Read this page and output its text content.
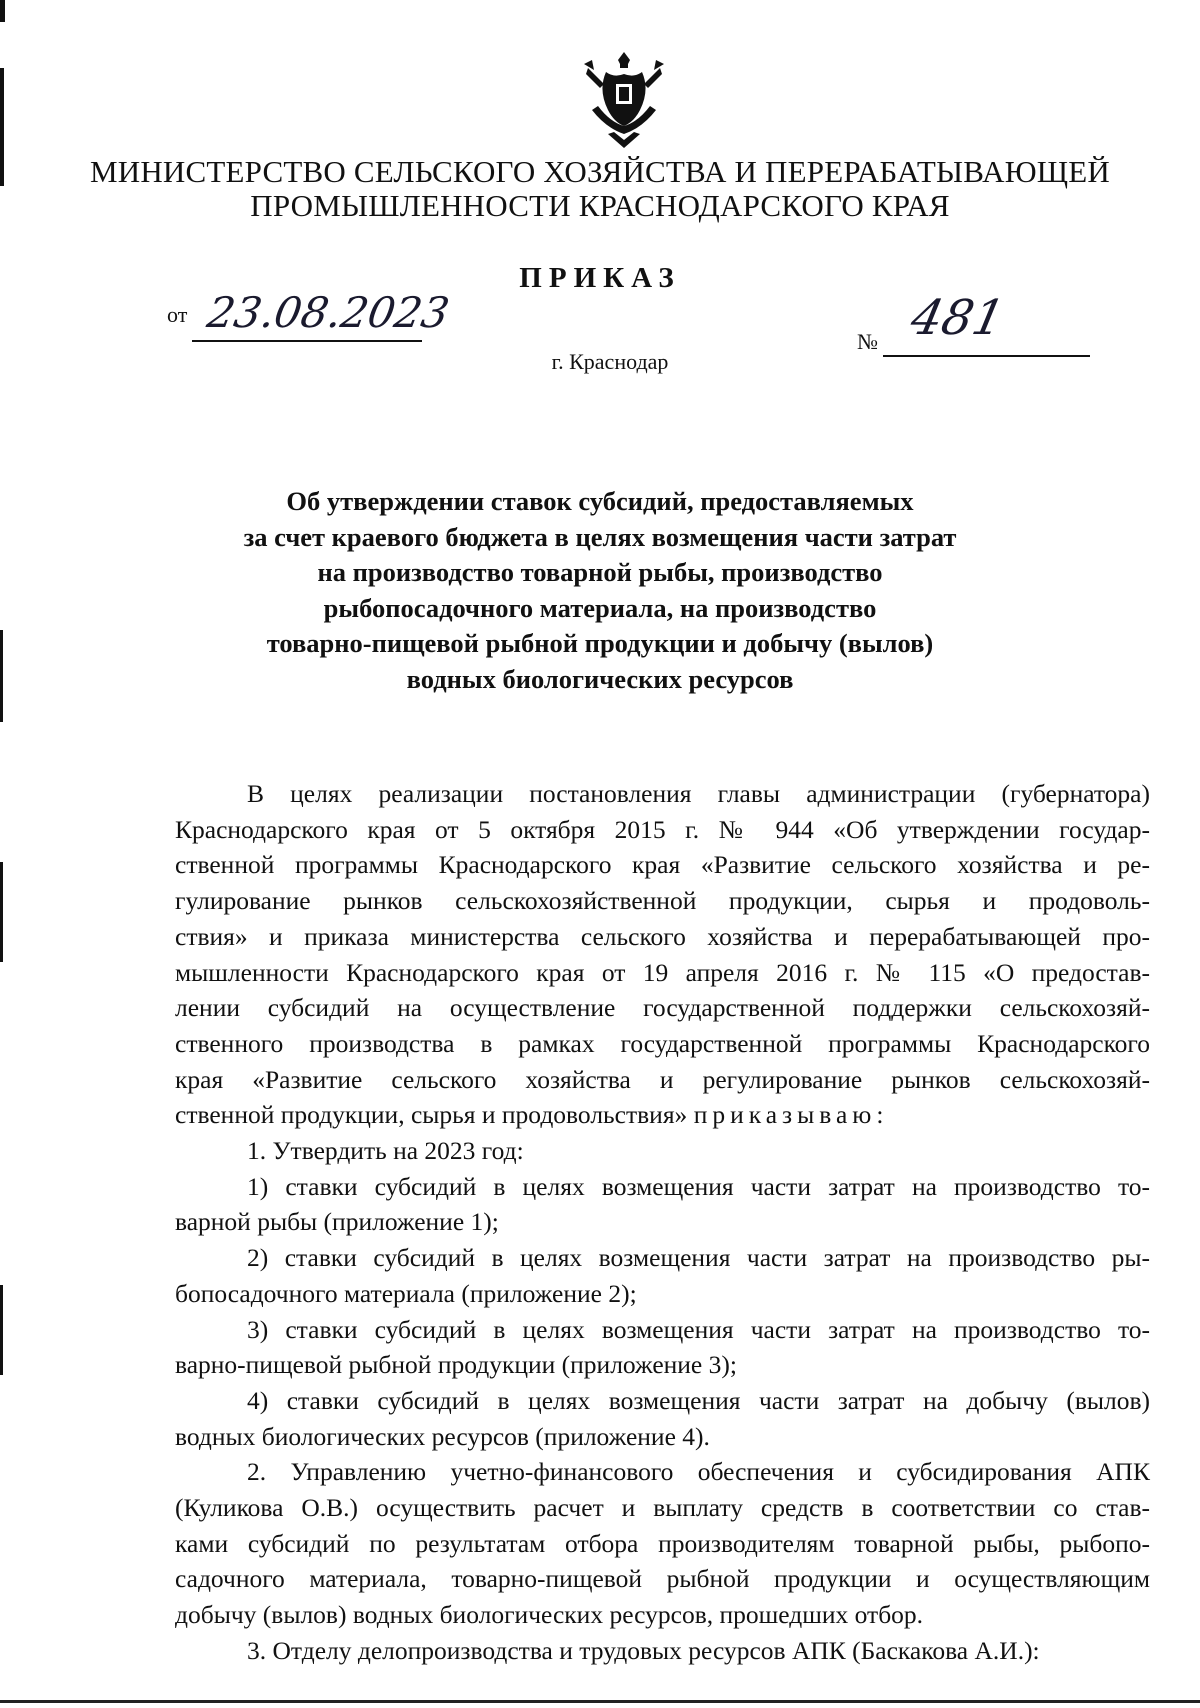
МИНИСТЕРСТВО СЕЛЬСКОГО ХОЗЯЙСТВА И ПЕРЕРАБАТЫВАЮЩЕЙ
ПРОМЫШЛЕННОСТИ КРАСНОДАРСКОГО КРАЯ
ПРИКАЗ
от 23.08.2023
№ 481
г. Краснодар
Об утверждении ставок субсидий, предоставляемых
за счет краевого бюджета в целях возмещения части затрат
на производство товарной рыбы, производство
рыбопосадочного материала, на производство
товарно-пищевой рыбной продукции и добычу (вылов)
водных биологических ресурсов
В целях реализации постановления главы администрации (губернатора)
Краснодарского края от 5 октября 2015 г. № 944 «Об утверждении государ-
ственной программы Краснодарского края «Развитие сельского хозяйства и ре-
гулирование рынков сельскохозяйственной продукции, сырья и продоволь-
ствия» и приказа министерства сельского хозяйства и перерабатывающей про-
мышленности Краснодарского края от 19 апреля 2016 г. № 115 «О предостав-
лении субсидий на осуществление государственной поддержки сельскохозяй-
ственного производства в рамках государственной программы Краснодарского
края «Развитие сельского хозяйства и регулирование рынков сельскохозяй-
ственной продукции, сырья и продовольствия» приказываю:
1. Утвердить на 2023 год:
1) ставки субсидий в целях возмещения части затрат на производство то-
варной рыбы (приложение 1);
2) ставки субсидий в целях возмещения части затрат на производство ры-
бопосадочного материала (приложение 2);
3) ставки субсидий в целях возмещения части затрат на производство то-
варно-пищевой рыбной продукции (приложение 3);
4) ставки субсидий в целях возмещения части затрат на добычу (вылов)
водных биологических ресурсов (приложение 4).
2. Управлению учетно-финансового обеспечения и субсидирования АПК
(Куликова О.В.) осуществить расчет и выплату средств в соответствии со став-
ками субсидий по результатам отбора производителям товарной рыбы, рыбопо-
садочного материала, товарно-пищевой рыбной продукции и осуществляющим
добычу (вылов) водных биологических ресурсов, прошедших отбор.
3. Отделу делопроизводства и трудовых ресурсов АПК (Баскакова А.И.):
